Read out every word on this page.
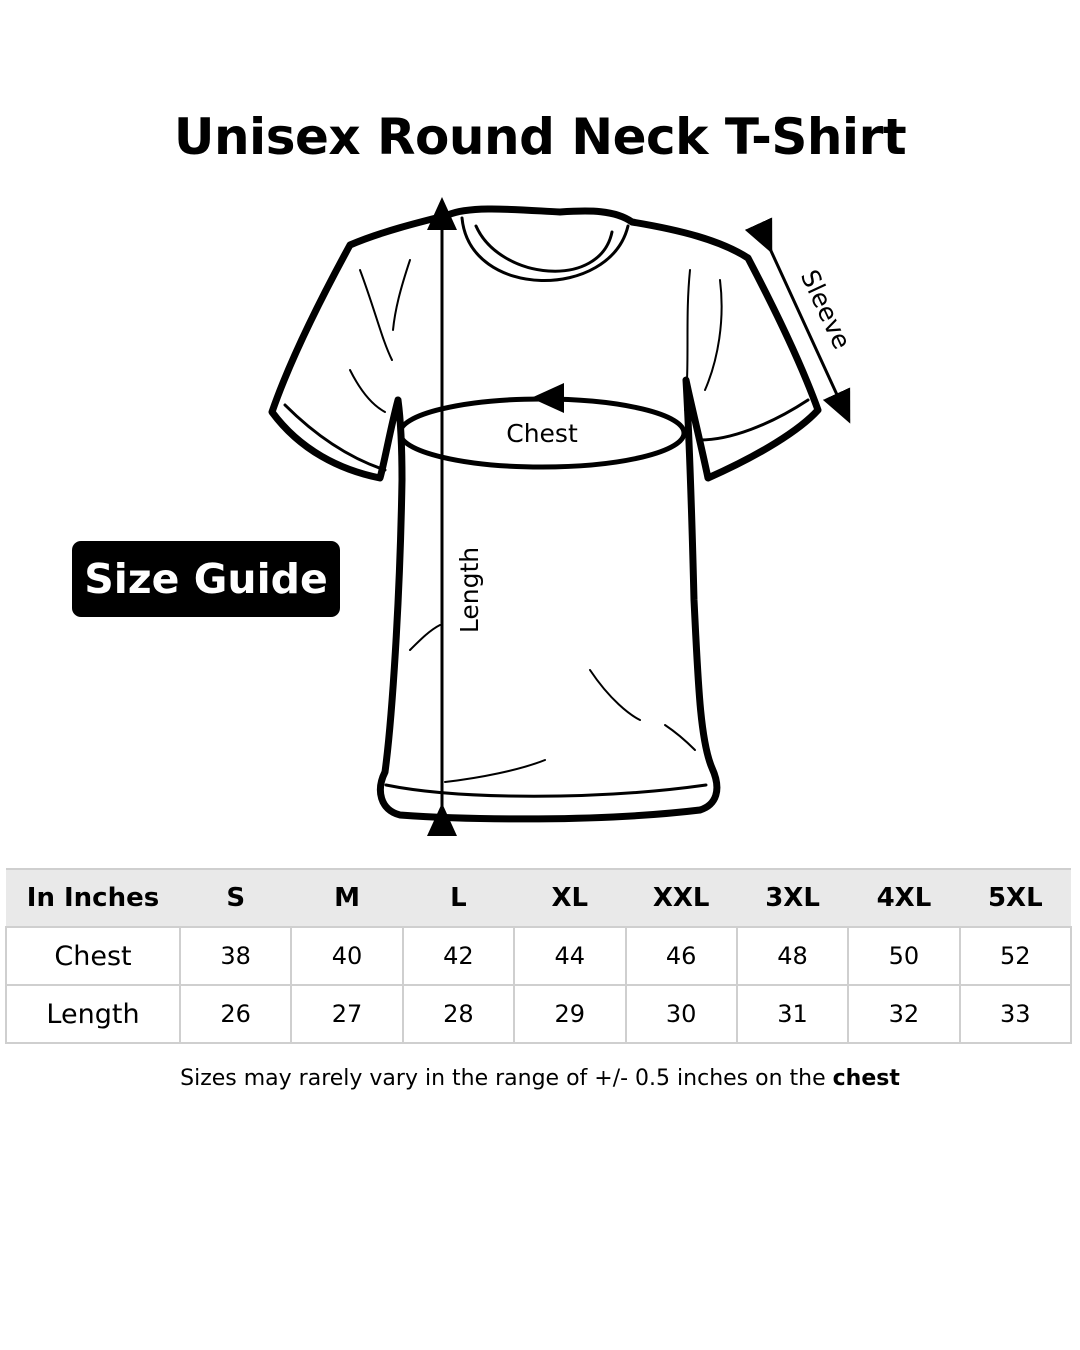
Unisex Round Neck T-Shirt
Size Guide
Chest
Length
Sleeve
In Inches	S	M	L	XL	XXL	3XL	4XL	5XL
Chest	38	40	42	44	46	48	50	52
Length	26	27	28	29	30	31	32	33
Sizes may rarely vary in the range of +/- 0.5 inches on the chest
